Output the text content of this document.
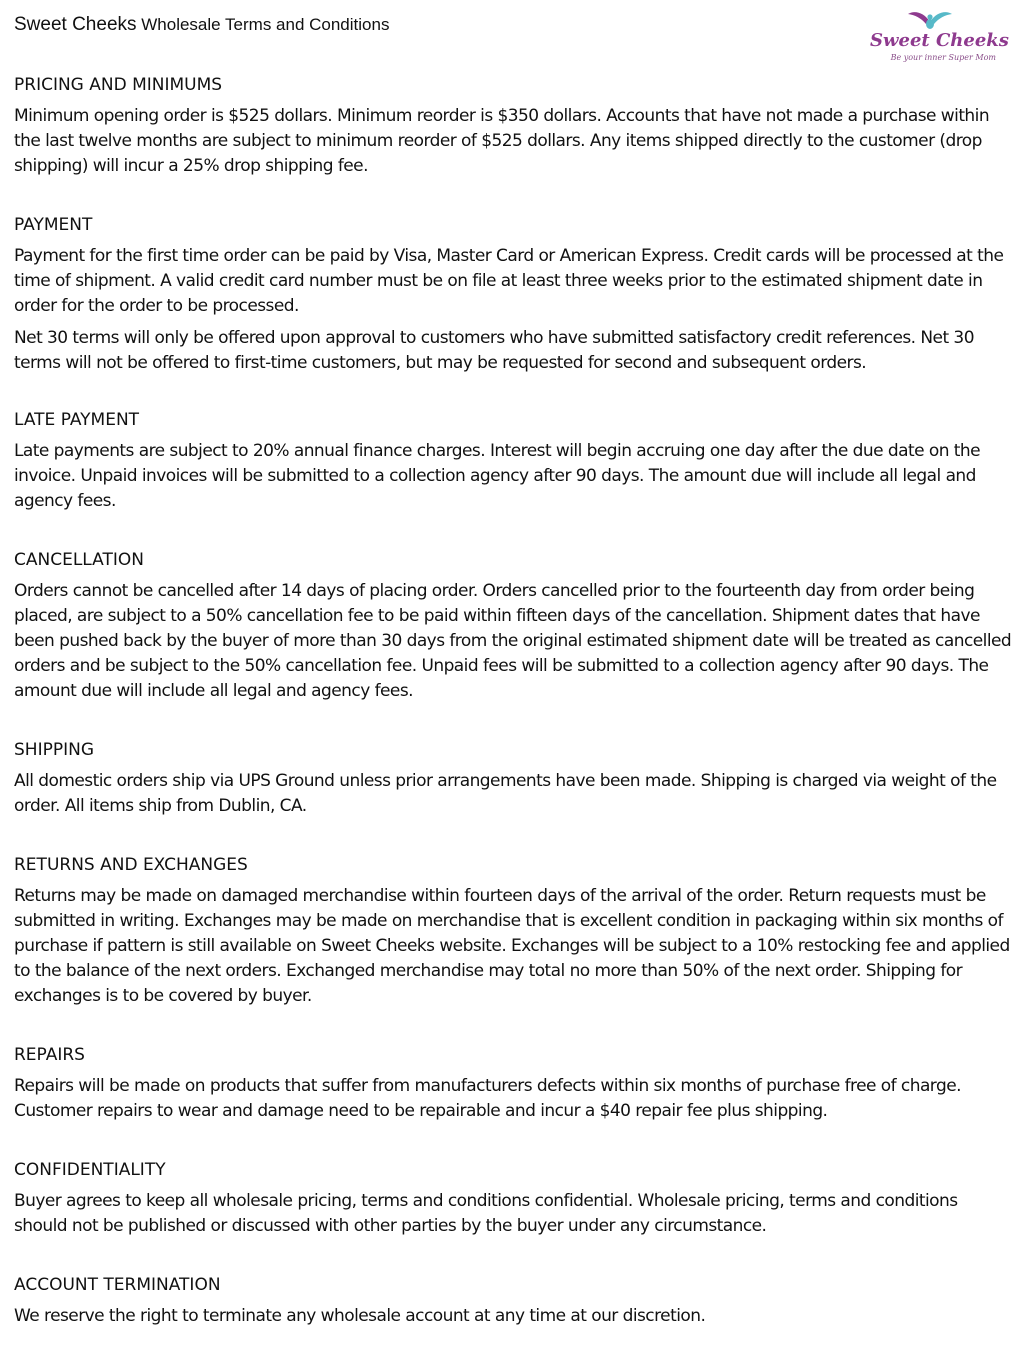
Sweet Cheeks Wholesale Terms and Conditions
Sweet Cheeks
Be your inner Super Mom
PRICING AND MINIMUMS

Minimum opening order is $525 dollars. Minimum reorder is $350 dollars. Accounts that have not made a purchase within the last twelve months are subject to minimum reorder of $525 dollars. Any items shipped directly to the customer (drop shipping) will incur a 25% drop shipping fee.

PAYMENT

Payment for the first time order can be paid by Visa, Master Card or American Express. Credit cards will be processed at the time of shipment. A valid credit card number must be on file at least three weeks prior to the estimated shipment date in order for the order to be processed.

Net 30 terms will only be offered upon approval to customers who have submitted satisfactory credit references. Net 30 terms will not be offered to first-time customers, but may be requested for second and subsequent orders.

LATE PAYMENT

Late payments are subject to 20% annual finance charges. Interest will begin accruing one day after the due date on the invoice. Unpaid invoices will be submitted to a collection agency after 90 days. The amount due will include all legal and agency fees.

CANCELLATION

Orders cannot be cancelled after 14 days of placing order. Orders cancelled prior to the fourteenth day from order being placed, are subject to a 50% cancellation fee to be paid within fifteen days of the cancellation. Shipment dates that have been pushed back by the buyer of more than 30 days from the original estimated shipment date will be treated as cancelled orders and be subject to the 50% cancellation fee. Unpaid fees will be submitted to a collection agency after 90 days. The amount due will include all legal and agency fees.

SHIPPING

All domestic orders ship via UPS Ground unless prior arrangements have been made. Shipping is charged via weight of the order. All items ship from Dublin, CA.

RETURNS AND EXCHANGES

Returns may be made on damaged merchandise within fourteen days of the arrival of the order. Return requests must be submitted in writing. Exchanges may be made on merchandise that is excellent condition in packaging within six months of purchase if pattern is still available on Sweet Cheeks website. Exchanges will be subject to a 10% restocking fee and applied to the balance of the next orders. Exchanged merchandise may total no more than 50% of the next order. Shipping for exchanges is to be covered by buyer.

REPAIRS

Repairs will be made on products that suffer from manufacturers defects within six months of purchase free of charge. Customer repairs to wear and damage need to be repairable and incur a $40 repair fee plus shipping.

CONFIDENTIALITY

Buyer agrees to keep all wholesale pricing, terms and conditions confidential. Wholesale pricing, terms and conditions should not be published or discussed with other parties by the buyer under any circumstance.

ACCOUNT TERMINATION

We reserve the right to terminate any wholesale account at any time at our discretion.
